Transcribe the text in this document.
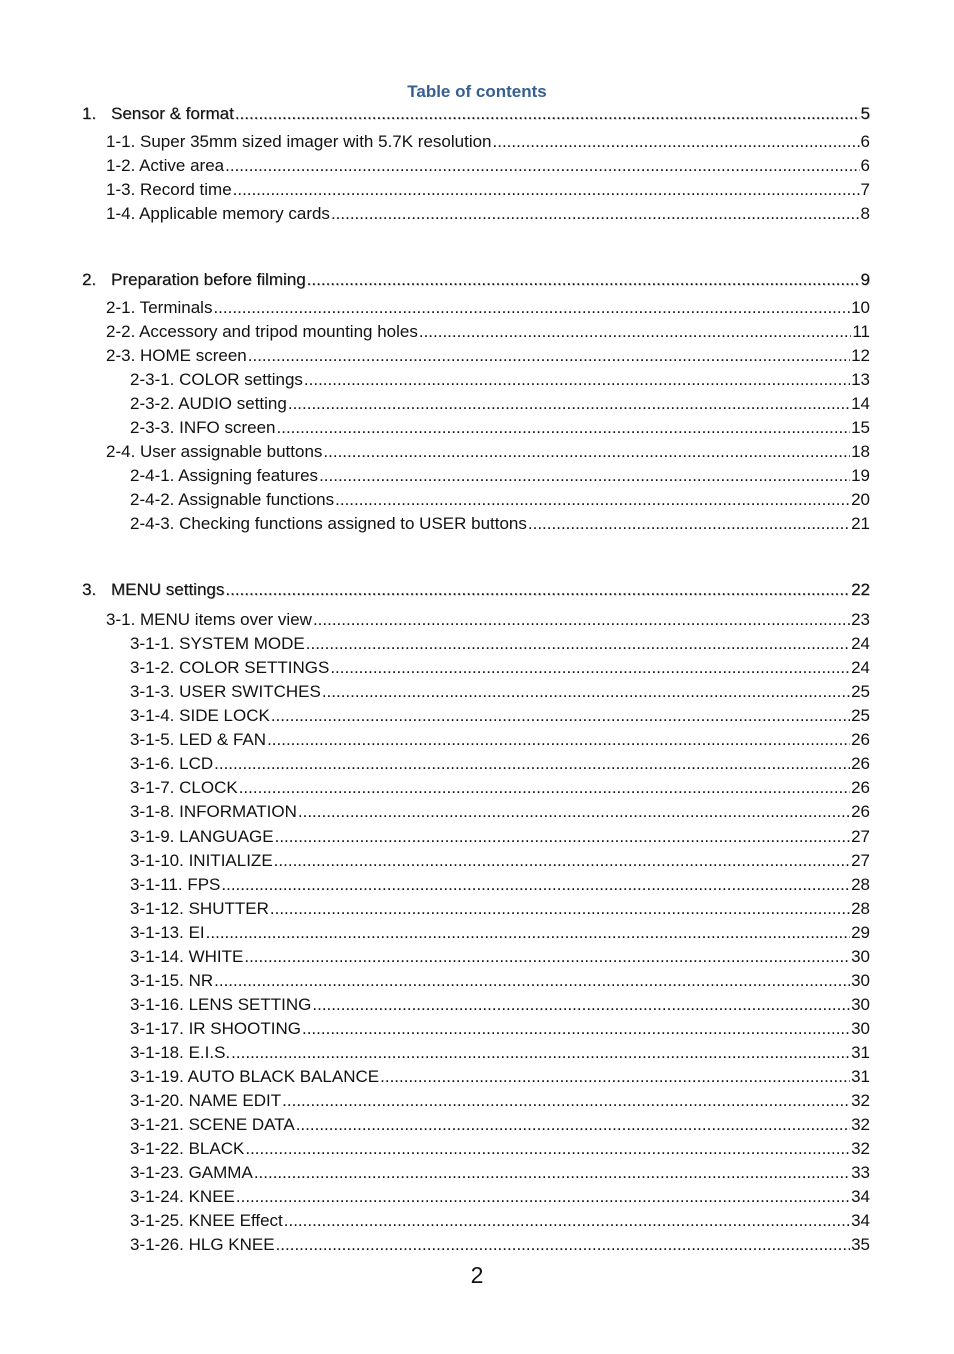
Table of contents
1. Sensor & format .....	5
1-1. Super 35mm sized imager with 5.7K resolution .....	6
1-2. Active area .....	6
1-3. Record time .....	7
1-4. Applicable memory cards .....	8
2. Preparation before filming .....	9
2-1. Terminals .....	10
2-2. Accessory and tripod mounting holes .....	11
2-3. HOME screen .....	12
2-3-1. COLOR settings .....	13
2-3-2. AUDIO setting .....	14
2-3-3. INFO screen .....	15
2-4. User assignable buttons .....	18
2-4-1. Assigning features .....	19
2-4-2. Assignable functions .....	20
2-4-3. Checking functions assigned to USER buttons .....	21
3. MENU settings .....	22
3-1. MENU items over view .....	23
3-1-1. SYSTEM MODE .....	24
3-1-2. COLOR SETTINGS .....	24
3-1-3. USER SWITCHES .....	25
3-1-4. SIDE LOCK .....	25
3-1-5. LED & FAN .....	26
3-1-6. LCD .....	26
3-1-7. CLOCK .....	26
3-1-8. INFORMATION .....	26
3-1-9. LANGUAGE .....	27
3-1-10. INITIALIZE .....	27
3-1-11. FPS .....	28
3-1-12. SHUTTER .....	28
3-1-13. EI .....	29
3-1-14. WHITE .....	30
3-1-15. NR .....	30
3-1-16. LENS SETTING .....	30
3-1-17. IR SHOOTING .....	30
3-1-18. E.I.S. .....	31
3-1-19. AUTO BLACK BALANCE .....	31
3-1-20. NAME EDIT .....	32
3-1-21. SCENE DATA .....	32
3-1-22. BLACK .....	32
3-1-23. GAMMA .....	33
3-1-24. KNEE .....	34
3-1-25. KNEE Effect .....	34
3-1-26. HLG KNEE .....	35
2
